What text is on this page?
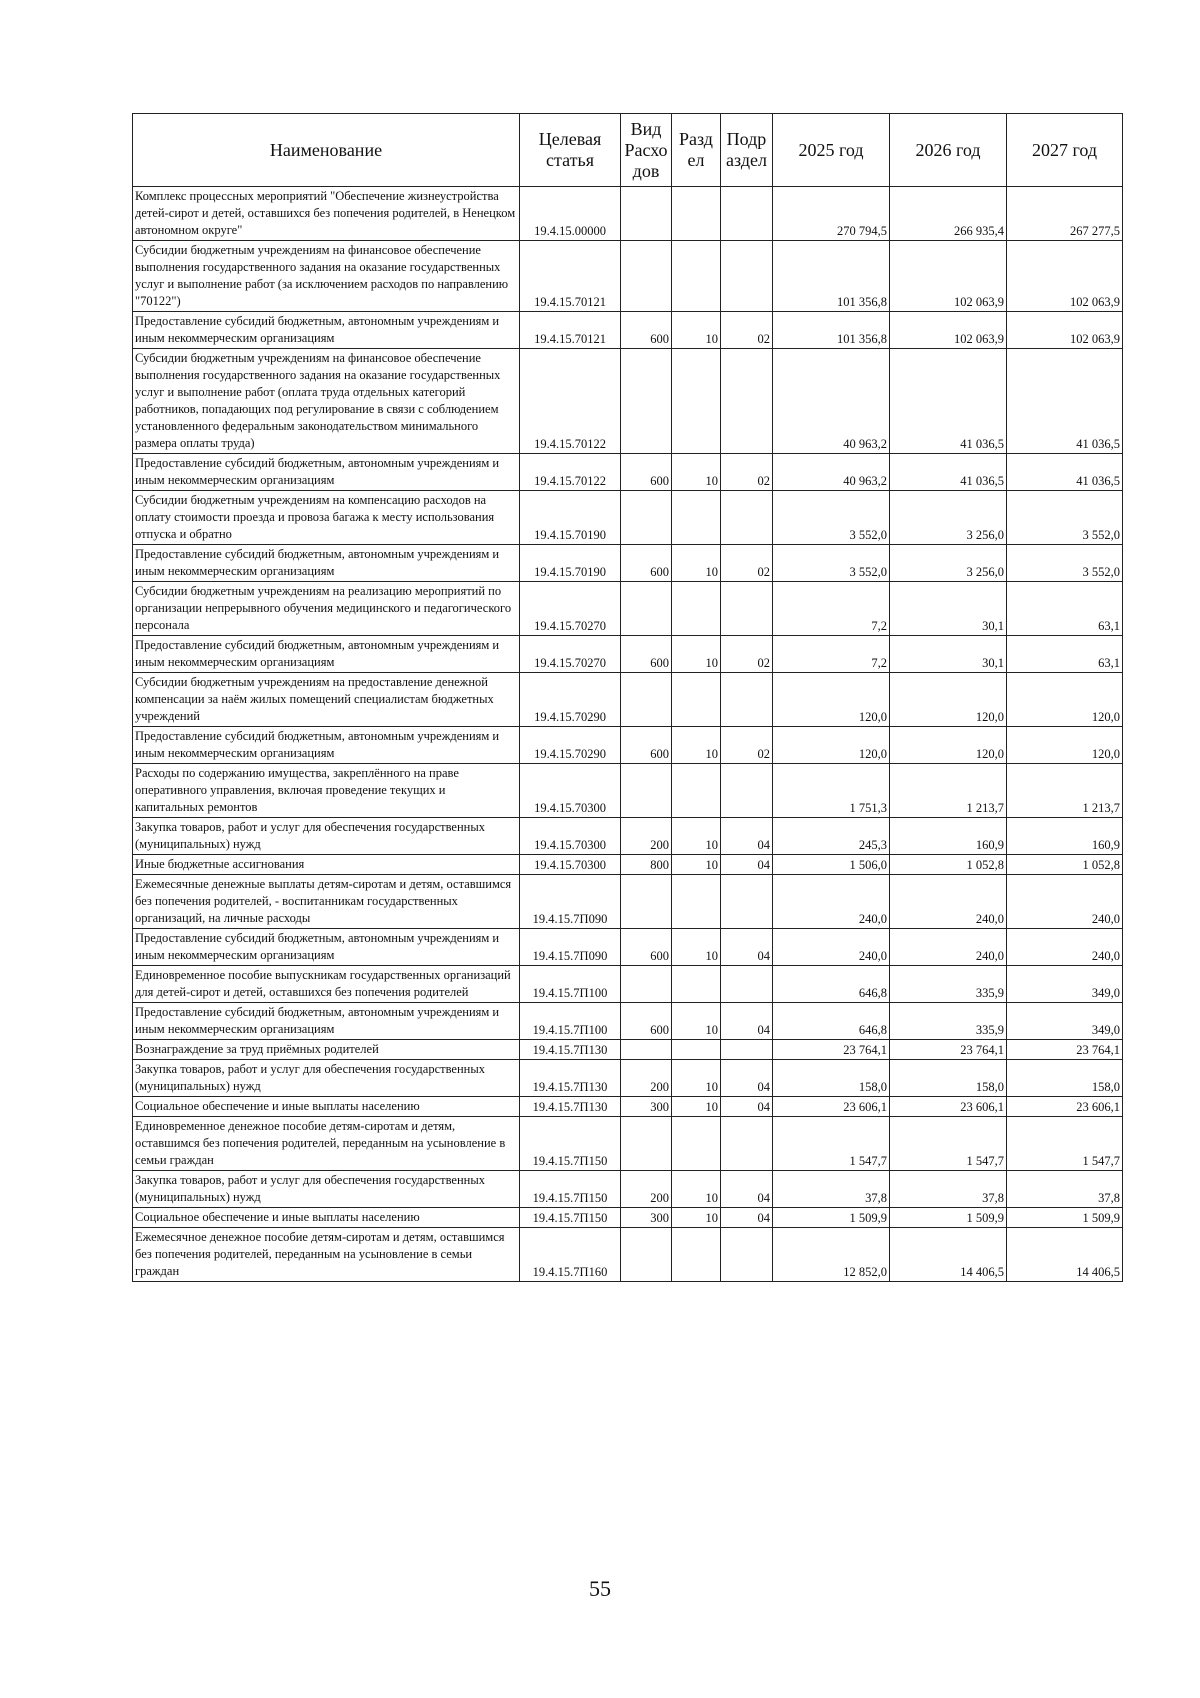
Наименование	Целевая статья	Вид Расхо дов	Разд ел	Подр аздел	2025 год	2026 год	2027 год
Комплекс процессных мероприятий "Обеспечение жизнеустройства детей-сирот и детей, оставшихся без попечения родителей, в Ненецком автономном округе"	19.4.15.00000				270 794,5	266 935,4	267 277,5
Субсидии бюджетным учреждениям на финансовое обеспечение выполнения государственного задания на оказание государственных услуг и выполнение работ (за исключением расходов по направлению "70122")	19.4.15.70121				101 356,8	102 063,9	102 063,9
Предоставление субсидий бюджетным, автономным учреждениям и иным некоммерческим организациям	19.4.15.70121	600	10	02	101 356,8	102 063,9	102 063,9
Субсидии бюджетным учреждениям на финансовое обеспечение выполнения государственного задания на оказание государственных услуг и выполнение работ (оплата труда отдельных категорий работников, попадающих под регулирование в связи с соблюдением установленного федеральным законодательством минимального размера оплаты труда)	19.4.15.70122				40 963,2	41 036,5	41 036,5
Предоставление субсидий бюджетным, автономным учреждениям и иным некоммерческим организациям	19.4.15.70122	600	10	02	40 963,2	41 036,5	41 036,5
Субсидии бюджетным учреждениям на компенсацию расходов на оплату стоимости проезда и провоза багажа к месту использования отпуска и обратно	19.4.15.70190				3 552,0	3 256,0	3 552,0
Предоставление субсидий бюджетным, автономным учреждениям и иным некоммерческим организациям	19.4.15.70190	600	10	02	3 552,0	3 256,0	3 552,0
Субсидии бюджетным учреждениям на реализацию мероприятий по организации непрерывного обучения медицинского и педагогического персонала	19.4.15.70270				7,2	30,1	63,1
Предоставление субсидий бюджетным, автономным учреждениям и иным некоммерческим организациям	19.4.15.70270	600	10	02	7,2	30,1	63,1
Субсидии бюджетным учреждениям на предоставление денежной компенсации за наём жилых помещений специалистам бюджетных учреждений	19.4.15.70290				120,0	120,0	120,0
Предоставление субсидий бюджетным, автономным учреждениям и иным некоммерческим организациям	19.4.15.70290	600	10	02	120,0	120,0	120,0
Расходы по содержанию имущества, закреплённого на праве оперативного управления, включая проведение текущих и капитальных ремонтов	19.4.15.70300				1 751,3	1 213,7	1 213,7
Закупка товаров, работ и услуг для обеспечения государственных (муниципальных) нужд	19.4.15.70300	200	10	04	245,3	160,9	160,9
Иные бюджетные ассигнования	19.4.15.70300	800	10	04	1 506,0	1 052,8	1 052,8
Ежемесячные денежные выплаты детям-сиротам и детям, оставшимся без попечения родителей, - воспитанникам государственных организаций, на личные расходы	19.4.15.7П090				240,0	240,0	240,0
Предоставление субсидий бюджетным, автономным учреждениям и иным некоммерческим организациям	19.4.15.7П090	600	10	04	240,0	240,0	240,0
Единовременное пособие выпускникам государственных организаций для детей-сирот и детей, оставшихся без попечения родителей	19.4.15.7П100				646,8	335,9	349,0
Предоставление субсидий бюджетным, автономным учреждениям и иным некоммерческим организациям	19.4.15.7П100	600	10	04	646,8	335,9	349,0
Вознаграждение за труд приёмных родителей	19.4.15.7П130				23 764,1	23 764,1	23 764,1
Закупка товаров, работ и услуг для обеспечения государственных (муниципальных) нужд	19.4.15.7П130	200	10	04	158,0	158,0	158,0
Социальное обеспечение и иные выплаты населению	19.4.15.7П130	300	10	04	23 606,1	23 606,1	23 606,1
Единовременное денежное пособие детям-сиротам и детям, оставшимся без попечения родителей, переданным на усыновление в семьи граждан	19.4.15.7П150				1 547,7	1 547,7	1 547,7
Закупка товаров, работ и услуг для обеспечения государственных (муниципальных) нужд	19.4.15.7П150	200	10	04	37,8	37,8	37,8
Социальное обеспечение и иные выплаты населению	19.4.15.7П150	300	10	04	1 509,9	1 509,9	1 509,9
Ежемесячное денежное пособие детям-сиротам и детям, оставшимся без попечения родителей, переданным на усыновление в семьи граждан	19.4.15.7П160				12 852,0	14 406,5	14 406,5
55
